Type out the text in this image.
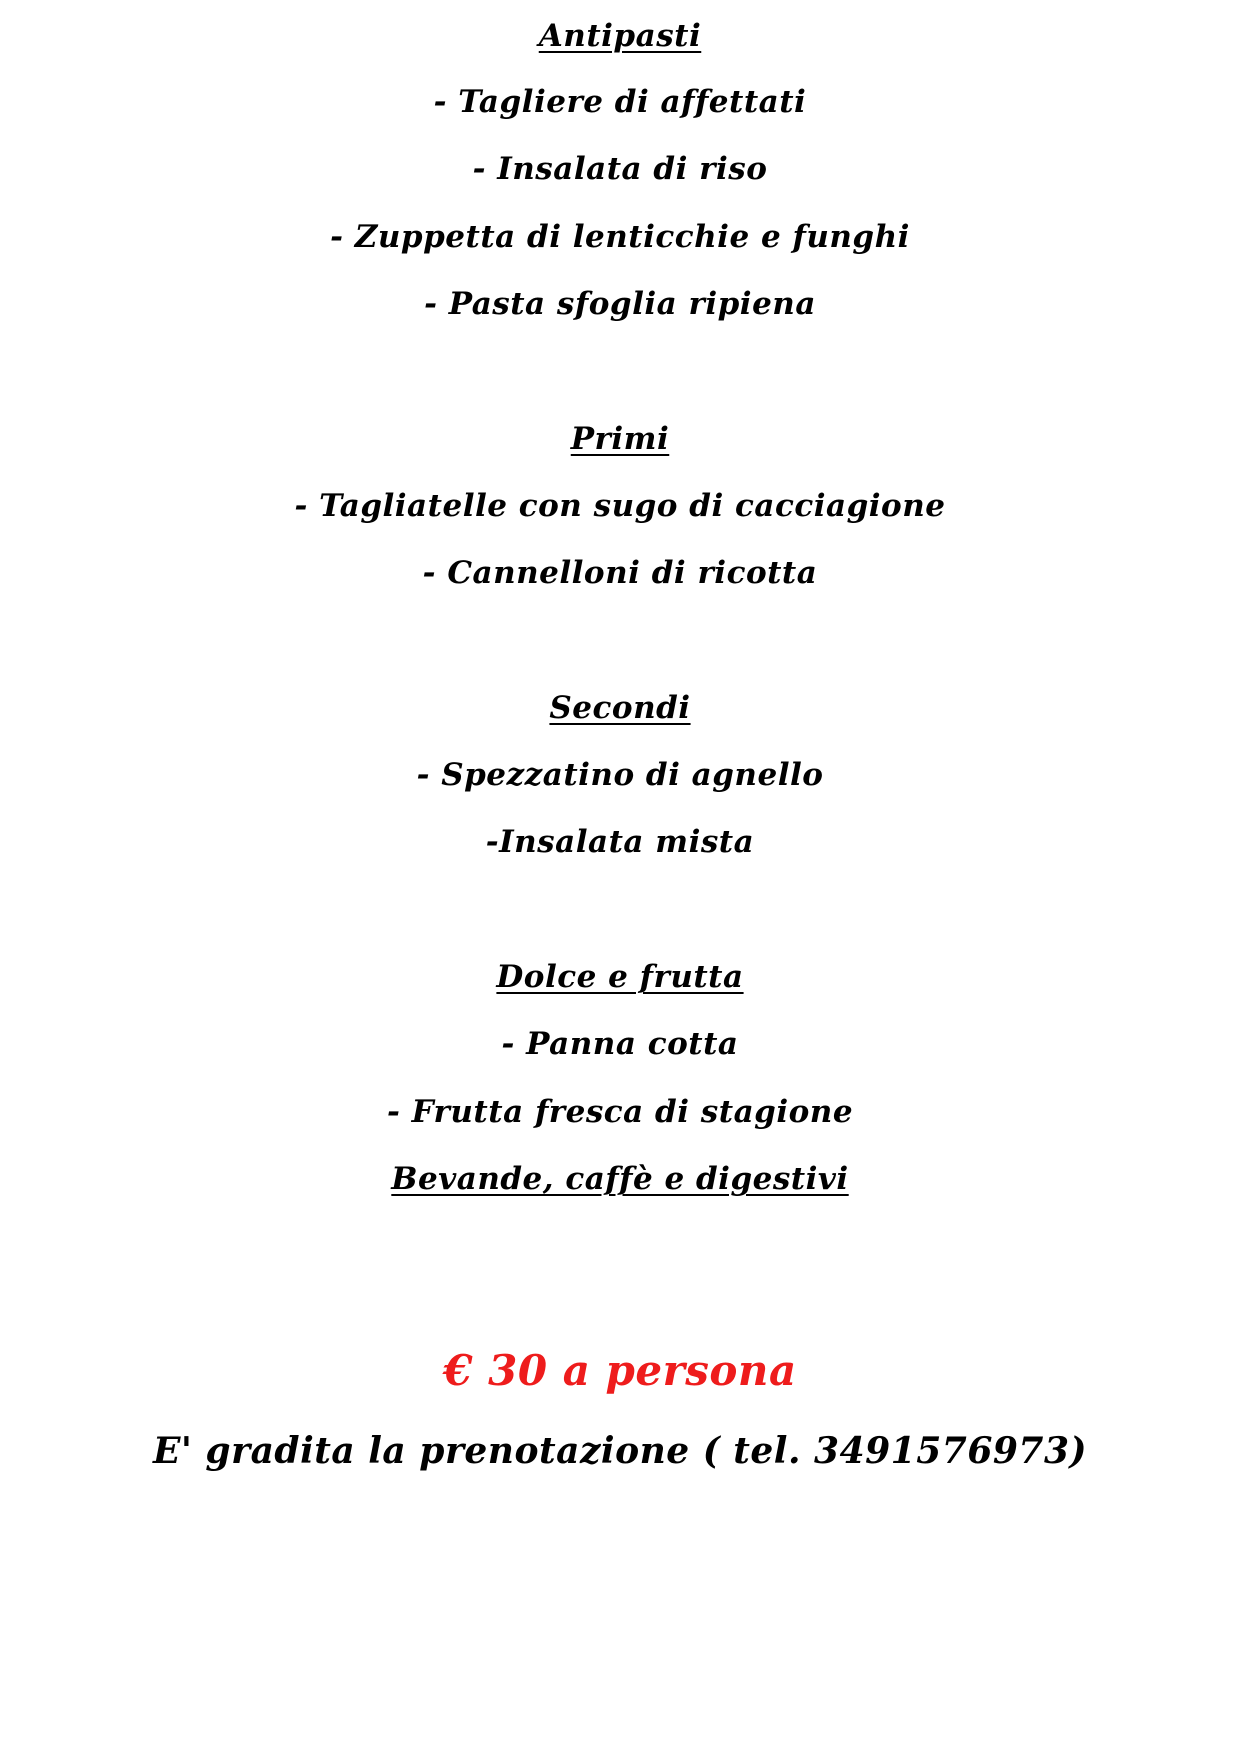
Antipasti
- Tagliere di affettati
- Insalata di riso
- Zuppetta di lenticchie e funghi
- Pasta sfoglia ripiena
Primi
- Tagliatelle con sugo di cacciagione
- Cannelloni di ricotta
Secondi
- Spezzatino di agnello
-Insalata mista
Dolce e frutta
- Panna cotta
- Frutta fresca di stagione
Bevande, caffè e digestivi
€ 30 a persona
E' gradita la prenotazione ( tel. 3491576973)
